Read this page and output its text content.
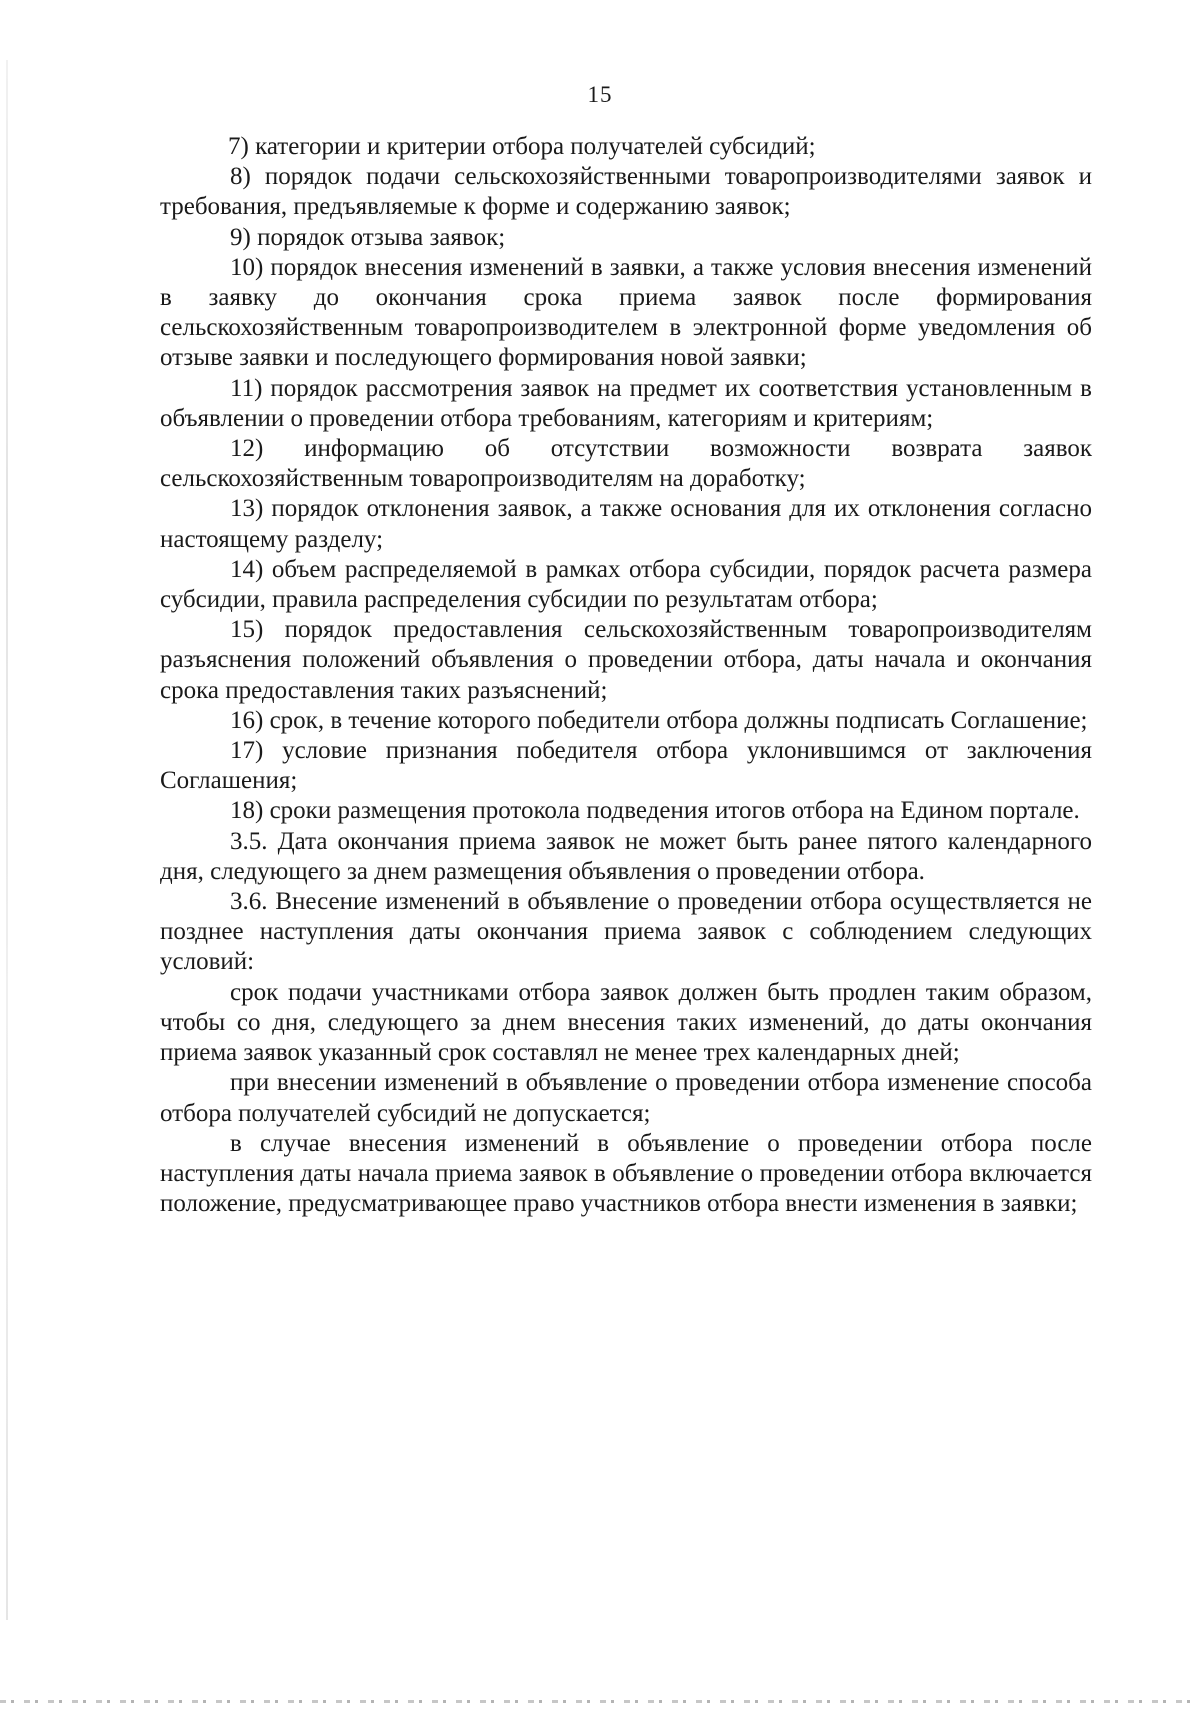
15

7) категории и критерии отбора получателей субсидий;

8) порядок подачи сельскохозяйственными товаропроизводителями заявок и требования, предъявляемые к форме и содержанию заявок;

9) порядок отзыва заявок;

10) порядок внесения изменений в заявки, а также условия внесения изменений в заявку до окончания срока приема заявок после формирования сельскохозяйственным товаропроизводителем в электронной форме уведомления об отзыве заявки и последующего формирования новой заявки;

11) порядок рассмотрения заявок на предмет их соответствия установленным в объявлении о проведении отбора требованиям, категориям и критериям;

12) информацию об отсутствии возможности возврата заявок сельскохозяйственным товаропроизводителям на доработку;

13) порядок отклонения заявок, а также основания для их отклонения согласно настоящему разделу;

14) объем распределяемой в рамках отбора субсидии, порядок расчета размера субсидии, правила распределения субсидии по результатам отбора;

15) порядок предоставления сельскохозяйственным товаропроизводителям разъяснения положений объявления о проведении отбора, даты начала и окончания срока предоставления таких разъяснений;

16) срок, в течение которого победители отбора должны подписать Соглашение;

17) условие признания победителя отбора уклонившимся от заключения Соглашения;

18) сроки размещения протокола подведения итогов отбора на Едином портале.

3.5. Дата окончания приема заявок не может быть ранее пятого календарного дня, следующего за днем размещения объявления о проведении отбора.

3.6. Внесение изменений в объявление о проведении отбора осуществляется не позднее наступления даты окончания приема заявок с соблюдением следующих условий:

срок подачи участниками отбора заявок должен быть продлен таким образом, чтобы со дня, следующего за днем внесения таких изменений, до даты окончания приема заявок указанный срок составлял не менее трех календарных дней;

при внесении изменений в объявление о проведении отбора изменение способа отбора получателей субсидий не допускается;

в случае внесения изменений в объявление о проведении отбора после наступления даты начала приема заявок в объявление о проведении отбора включается положение, предусматривающее право участников отбора внести изменения в заявки;
